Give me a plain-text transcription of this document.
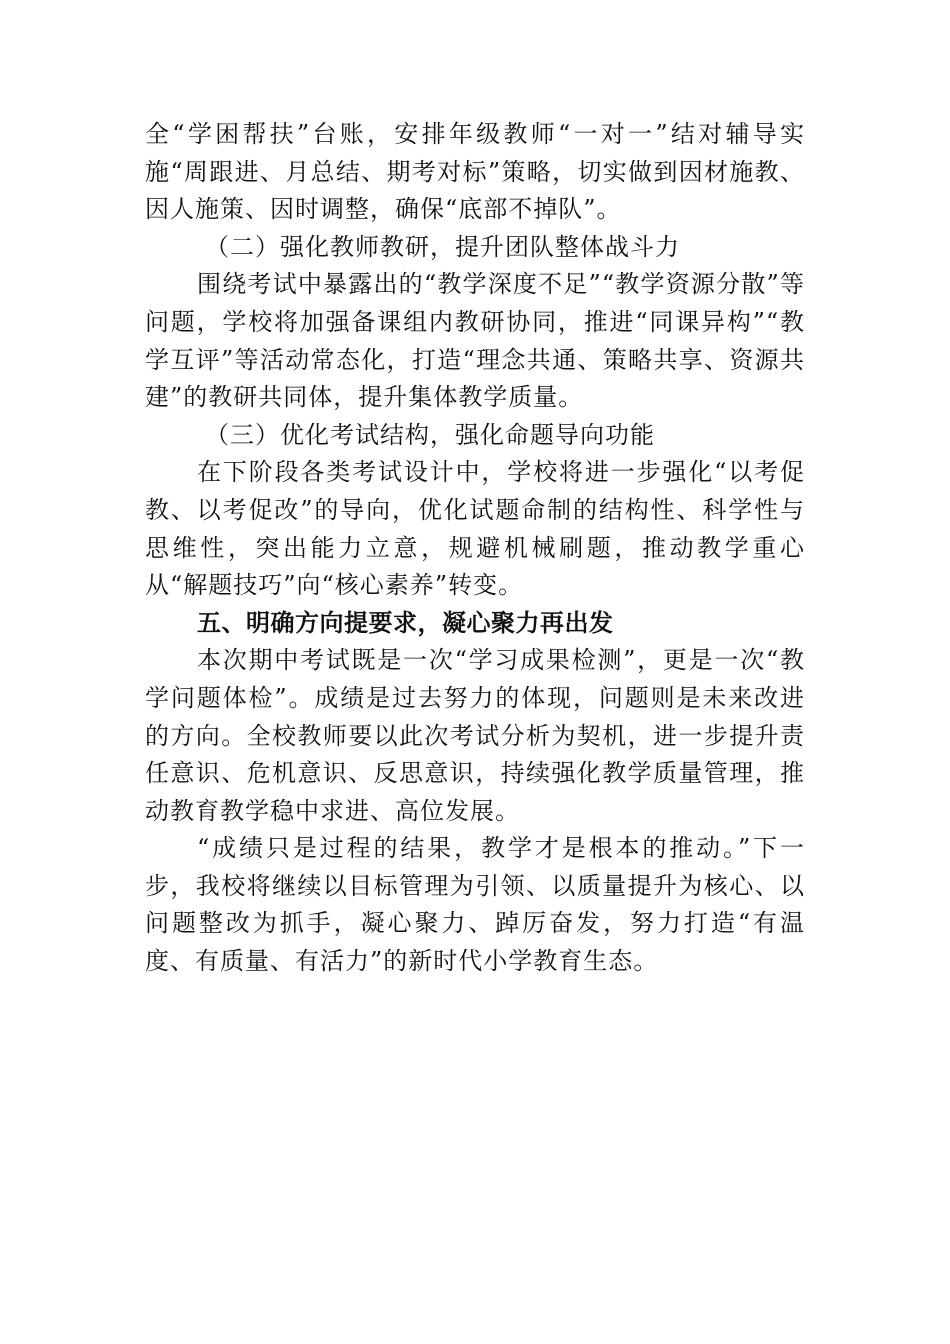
全“学困帮扶”台账，安排年级教师“一对一”结对辅导实施“周跟进、月总结、期考对标”策略，切实做到因材施教、因人施策、因时调整，确保“底部不掉队”。

（二）强化教师教研，提升团队整体战斗力

围绕考试中暴露出的“教学深度不足”“教学资源分散”等问题，学校将加强备课组内教研协同，推进“同课异构”“教学互评”等活动常态化，打造“理念共通、策略共享、资源共建”的教研共同体，提升集体教学质量。

（三）优化考试结构，强化命题导向功能

在下阶段各类考试设计中，学校将进一步强化“以考促教、以考促改”的导向，优化试题命制的结构性、科学性与思维性，突出能力立意，规避机械刷题，推动教学重心从“解题技巧”向“核心素养”转变。

五、明确方向提要求，凝心聚力再出发

本次期中考试既是一次“学习成果检测”，更是一次“教学问题体检”。成绩是过去努力的体现，问题则是未来改进的方向。全校教师要以此次考试分析为契机，进一步提升责任意识、危机意识、反思意识，持续强化教学质量管理，推动教育教学稳中求进、高位发展。

“成绩只是过程的结果，教学才是根本的推动。”下一步，我校将继续以目标管理为引领、以质量提升为核心、以问题整改为抓手，凝心聚力、踔厉奋发，努力打造“有温度、有质量、有活力”的新时代小学教育生态。
